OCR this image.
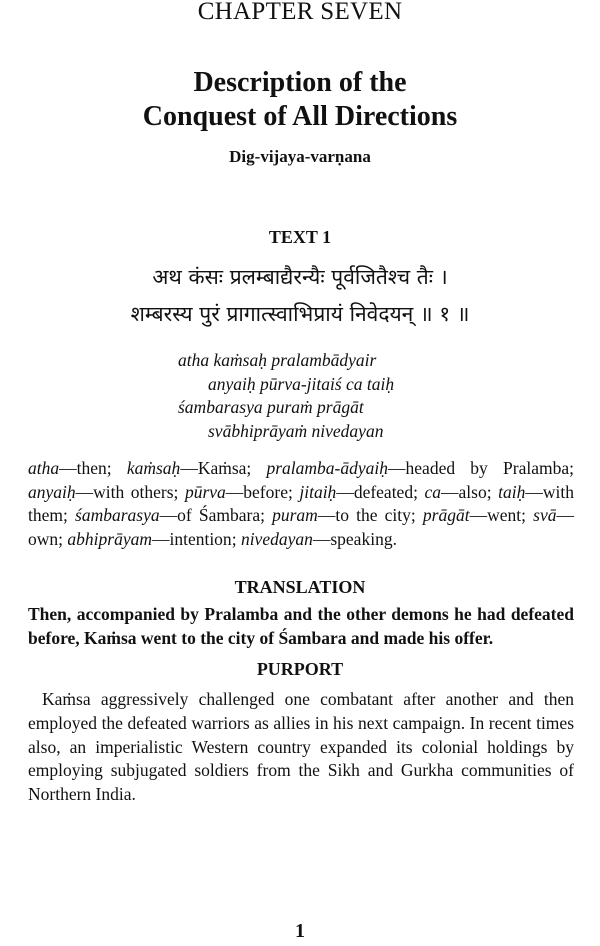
CHAPTER SEVEN
Description of the
Conquest of All Directions
Dig-vijaya-varṇana
TEXT 1
अथ कंसः प्रलम्बाद्यैरन्यैः पूर्वजितैश्च तैः ।
शम्बरस्य पुरं प्रागात्स्वाभिप्रायं निवेदयन् ॥ १ ॥
atha kaṁsaḥ pralambādyair
anyaiḥ pūrva-jitaiś ca taiḥ
śambarasya puraṁ prāgāt
svābhiprāyaṁ nivedayan
atha—then; kaṁsaḥ—Kaṁsa; pralamba-ādyaiḥ—headed by Pralamba; anyaiḥ—with others; pūrva—before; jitaiḥ—defeated; ca—also; taiḥ—with them; śambarasya—of Śambara; puram—to the city; prāgāt—went; svā—own; abhiprāyam—intention; nivedayan—speaking.
TRANSLATION
Then, accompanied by Pralamba and the other demons he had defeated before, Kaṁsa went to the city of Śambara and made his offer.
PURPORT
Kaṁsa aggressively challenged one combatant after another and then employed the defeated warriors as allies in his next campaign. In recent times also, an imperialistic Western country expanded its colonial holdings by employing subjugated soldiers from the Sikh and Gurkha communities of Northern India.
1
